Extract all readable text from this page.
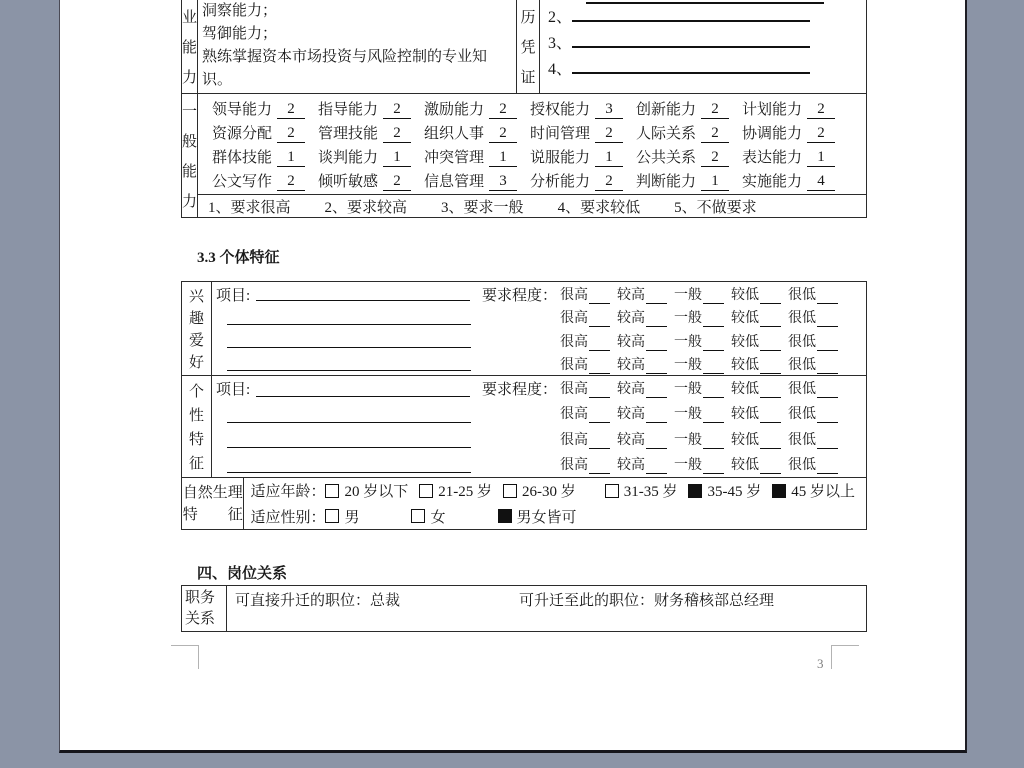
业
能
力
洞察能力；
驾御能力；
熟练掌握资本市场投资与风险控制的专业知
识。
历
凭
证
2、
3、
4、
一
般
能
力
领导能力	2	指导能力	2	激励能力	2	授权能力	3	创新能力	2	计划能力	2
资源分配	2	管理技能	2	组织人事	2	时间管理	2	人际关系	2	协调能力	2
群体技能	1	谈判能力	1	冲突管理	1	说服能力	1	公共关系	2	表达能力	1
公文写作	2	倾听敏感	2	信息管理	3	分析能力	2	判断能力	1	实施能力	4
1、要求很高 2、要求较高 3、要求一般 4、要求较低 5、不做要求
3.3 个体特征
兴
趣
爱
好
项目:	要求程度： 很高 较高 一般 较低 很低
很高 较高 一般 较低 很低
很高 较高 一般 较低 很低
很高 较高 一般 较低 很低
个
性
特
征
项目:	要求程度： 很高 较高 一般 较低 很低
很高 较高 一般 较低 很低
很高 较高 一般 较低 很低
很高 较高 一般 较低 很低
自然生理
特　　征
适应年龄： 20 岁以下 21-25 岁 26-30 岁	31-35 岁 35-45 岁 45 岁以上
适应性别： 男	女	男女皆可
四、岗位关系
职务
关系
可直接升迁的职位：总裁	可升迁至此的职位：财务稽核部总经理
3
